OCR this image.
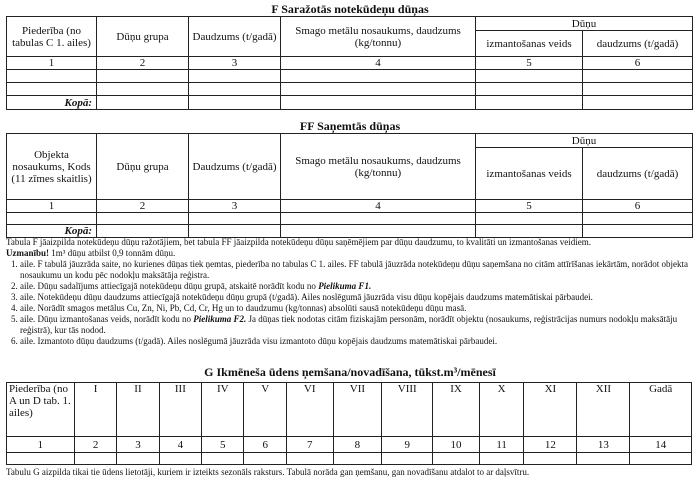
F Saražotās notekūdeņu dūņas
Piederība (no tabulas C 1. ailes)	Dūņu grupa	Daudzums (t/gadā)	Smago metālu nosaukums, daudzums (kg/tonnu)	Dūņu	
				izmantošanas veids	daudzums (t/gadā)
1	2	3	4	5	6

Kopā:					
FF Saņemtās dūņas
Objekta nosaukums, Kods (11 zīmes skaitlis)	Dūņu grupa	Daudzums (t/gadā)	Smago metālu nosaukums, daudzums (kg/tonnu)	Dūņu	
				izmantošanas veids	daudzums (t/gadā)
1	2	3	4	5	6

Kopā:					

Tabula F jāaizpilda notekūdeņu dūņu ražotājiem, bet tabula FF jāaizpilda notekūdeņu dūņu saņēmējiem par dūņu daudzumu, to kvalitāti un izmantošanas veidiem.

Uzmanību! 1m³ dūņu atbilst 0,9 tonnām dūņu.

1. aile. F tabulā jāuzrāda saite, no kurienes dūņas tiek ņemtas, piederība no tabulas C 1. ailes. FF tabulā jāuzrāda notekūdeņu dūņu saņemšana no citām attīrīšanas iekārtām, norādot objekta nosaukumu un kodu pēc nodokļu maksātāja reģistra.
2. aile. Dūņu sadalījums attiecīgajā notekūdeņu dūņu grupā, atskaitē norādīt kodu no Pielikuma F1.
3. aile. Notekūdeņu dūņu daudzums attiecīgajā notekūdeņu dūņu grupā (t/gadā). Ailes noslēgumā jāuzrāda visu dūņu kopējais daudzums matemātiskai pārbaudei.
4. aile. Norādīt smagos metālus Cu, Zn, Ni, Pb, Cd, Cr, Hg un to daudzumu (kg/tonnas) absolūti sausā notekūdeņu dūņu masā.
5. aile. Dūņu izmantošanas veids, norādīt kodu no Pielikuma F2. Ja dūņas tiek nodotas citām fiziskajām personām, norādīt objektu (nosaukums, reģistrācijas numurs nodokļu maksātāju reģistrā), kur tās nodod.
6. aile. Izmantoto dūņu daudzums (t/gadā). Ailes noslēgumā jāuzrāda visu izmantoto dūņu kopējais daudzums matemātiskai pārbaudei.
G Ikmēneša ūdens ņemšana/novadīšana, tūkst.m³/mēnesī
Piederība (no A un D tab. 1. ailes)	I	II	III	IV	V	VI	VII	VIII	IX	X	XI	XII	Gadā
1	2	3	4	5	6	7	8	9	10	11	12	13	14

Tabulu G aizpilda tikai tie ūdens lietotāji, kuriem ir izteikts sezonāls raksturs. Tabulā norāda gan ņemšanu, gan novadīšanu atdalot to ar daļsvītru.
